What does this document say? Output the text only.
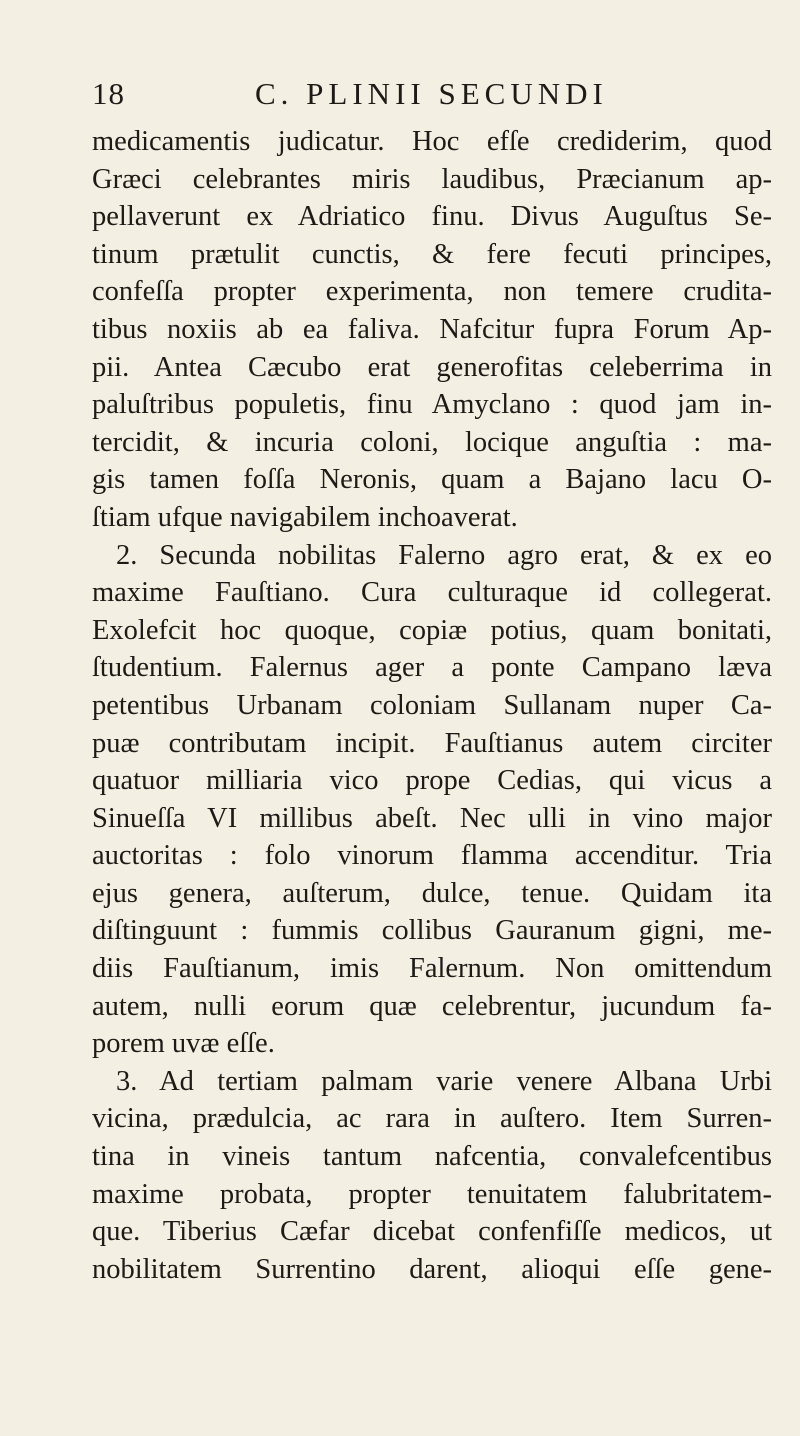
18	C. PLINII SECUNDI
medicamentis judicatur. Hoc efſe crediderim, quod
Græci celebrantes miris laudibus, Præcianum ap-
pellaverunt ex Adriatico finu. Divus Auguſtus Se-
tinum prætulit cunctis, & fere fecuti principes,
confeſſa propter experimenta, non temere crudita-
tibus noxiis ab ea faliva. Nafcitur fupra Forum Ap-
pii. Antea Cæcubo erat generofitas celeberrima in
paluſtribus populetis, finu Amyclano : quod jam in-
tercidit, & incuria coloni, locique anguſtia : ma-
gis tamen foſſa Neronis, quam a Bajano lacu O-
ſtiam ufque navigabilem inchoaverat.
2. Secunda nobilitas Falerno agro erat, & ex eo
maxime Fauſtiano. Cura culturaque id collegerat.
Exolefcit hoc quoque, copiæ potius, quam bonitati,
ſtudentium. Falernus ager a ponte Campano læva
petentibus Urbanam coloniam Sullanam nuper Ca-
puæ contributam incipit. Fauſtianus autem circiter
quatuor milliaria vico prope Cedias, qui vicus a
Sinueſſa VI millibus abeſt. Nec ulli in vino major
auctoritas : folo vinorum flamma accenditur. Tria
ejus genera, auſterum, dulce, tenue. Quidam ita
diſtinguunt : fummis collibus Gauranum gigni, me-
diis Fauſtianum, imis Falernum. Non omittendum
autem, nulli eorum quæ celebrentur, jucundum fa-
porem uvæ eſſe.
3. Ad tertiam palmam varie venere Albana Urbi
vicina, prædulcia, ac rara in auſtero. Item Surren-
tina in vineis tantum nafcentia, convalefcentibus
maxime probata, propter tenuitatem falubritatem-
que. Tiberius Cæfar dicebat confenfiſſe medicos, ut
nobilitatem Surrentino darent, alioqui eſſe gene-
